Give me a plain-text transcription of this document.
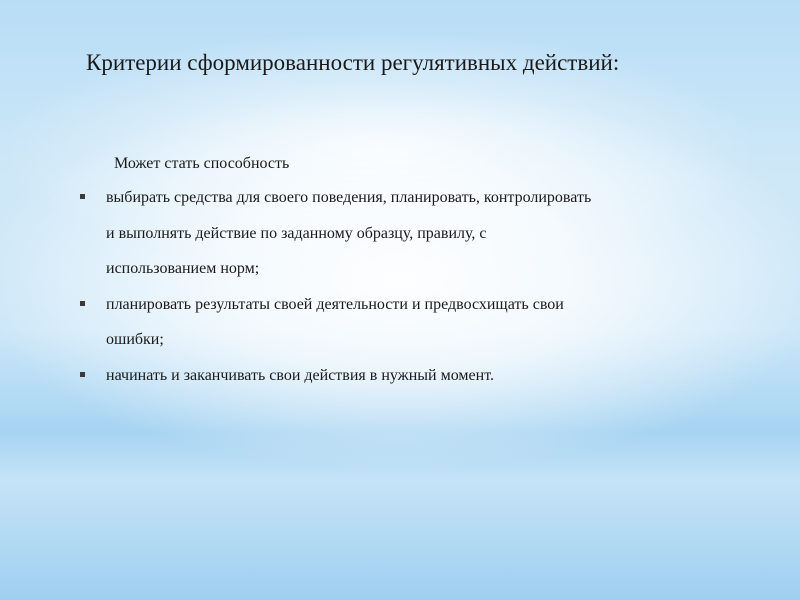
Критерии сформированности регулятивных действий:
Может стать способность
выбирать средства для своего поведения, планировать, контролировать
и выполнять действие по заданному образцу, правилу, с
использованием норм;
планировать результаты своей деятельности и предвосхищать свои
ошибки;
начинать и заканчивать свои действия в нужный момент.
